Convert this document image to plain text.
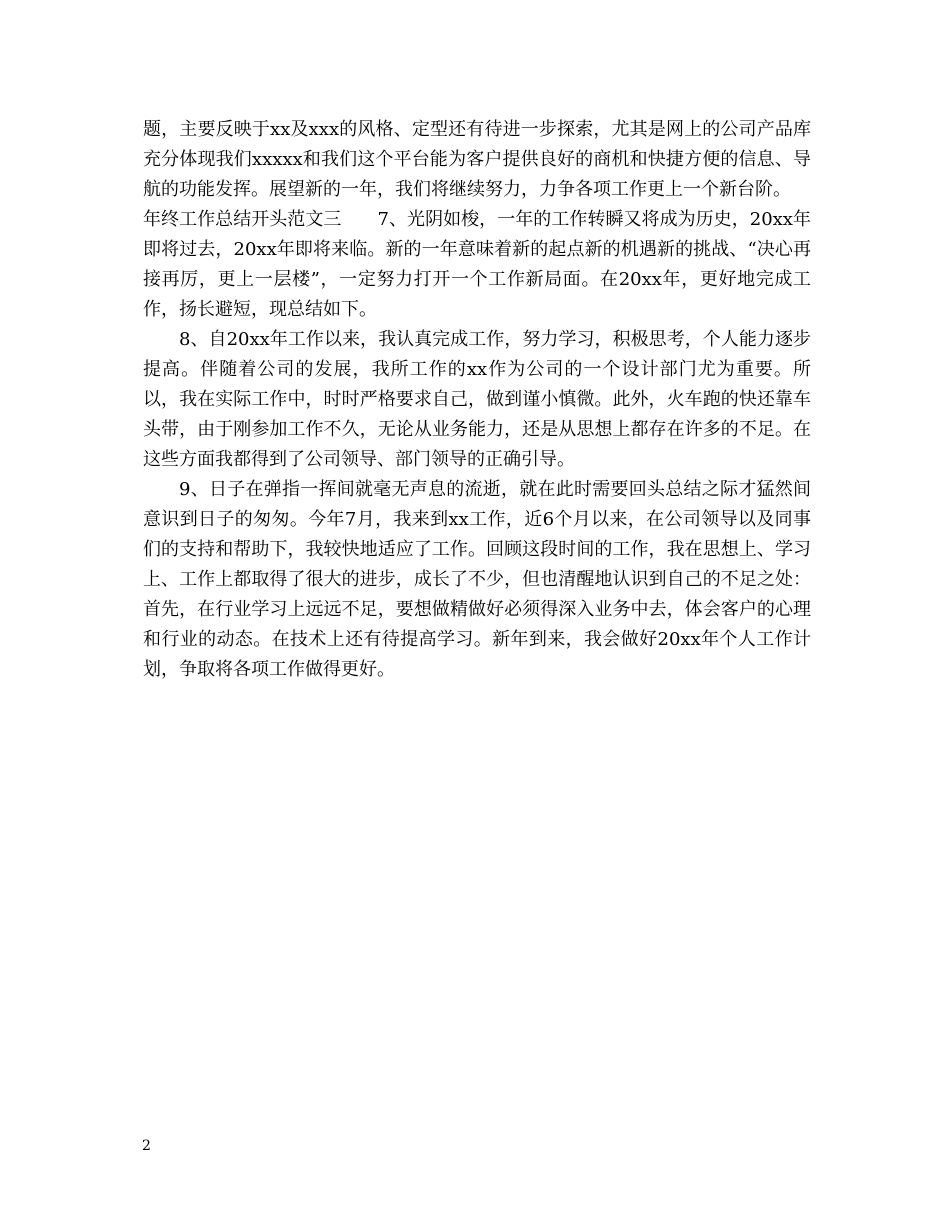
题，主要反映于xx及xxx的风格、定型还有待进一步探索，尤其是网上的公司产品库充分体现我们xxxxx和我们这个平台能为客户提供良好的商机和快捷方便的信息、导航的功能发挥。展望新的一年，我们将继续努力，力争各项工作更上一个新台阶。

年终工作总结开头范文三　　7、光阴如梭，一年的工作转瞬又将成为历史，20xx年即将过去，20xx年即将来临。新的一年意味着新的起点新的机遇新的挑战、“决心再接再厉，更上一层楼”，一定努力打开一个工作新局面。在20xx年，更好地完成工作，扬长避短，现总结如下。

8、自20xx年工作以来，我认真完成工作，努力学习，积极思考，个人能力逐步提高。伴随着公司的发展，我所工作的xx作为公司的一个设计部门尤为重要。所以，我在实际工作中，时时严格要求自己，做到谨小慎微。此外，火车跑的快还靠车头带，由于刚参加工作不久，无论从业务能力，还是从思想上都存在许多的不足。在这些方面我都得到了公司领导、部门领导的正确引导。

9、日子在弹指一挥间就毫无声息的流逝，就在此时需要回头总结之际才猛然间意识到日子的匆匆。今年7月，我来到xx工作，近6个月以来，在公司领导以及同事们的支持和帮助下，我较快地适应了工作。回顾这段时间的工作，我在思想上、学习上、工作上都取得了很大的进步，成长了不少，但也清醒地认识到自己的不足之处：首先，在行业学习上远远不足，要想做精做好必须得深入业务中去，体会客户的心理和行业的动态。在技术上还有待提高学习。新年到来，我会做好20xx年个人工作计划，争取将各项工作做得更好。

2
